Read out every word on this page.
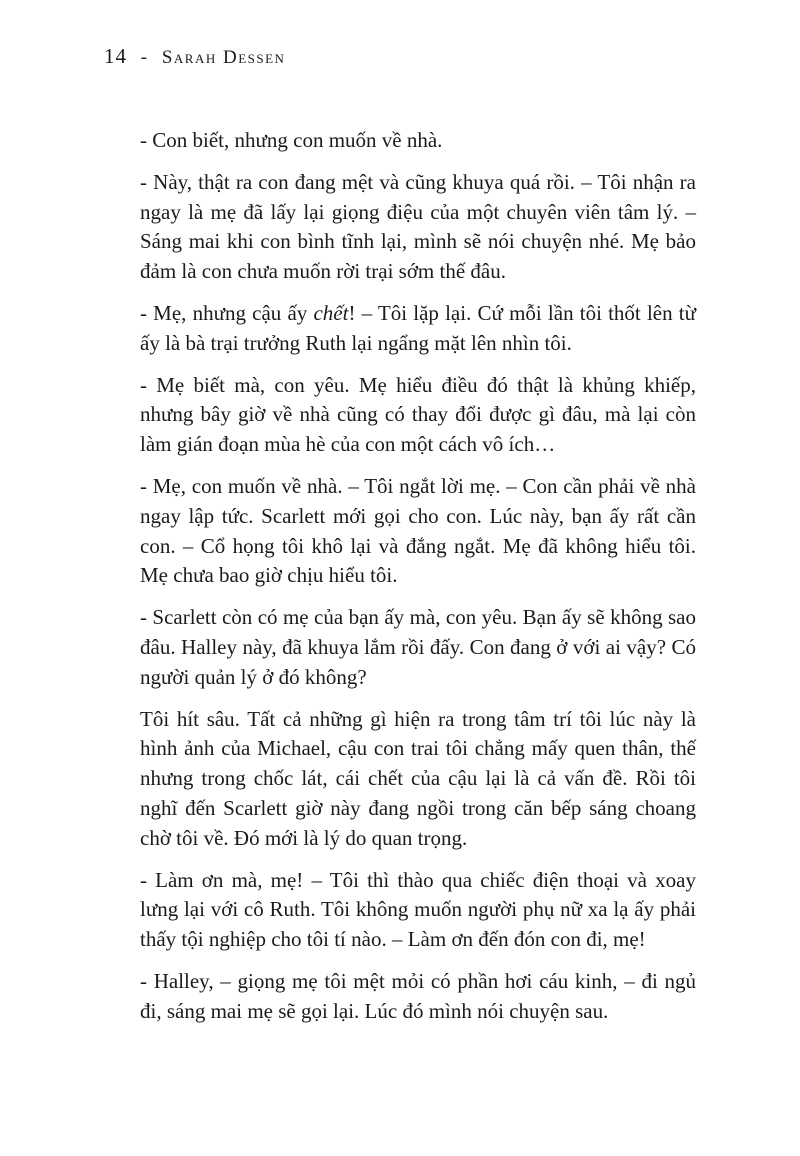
14 - Sarah Dessen

- Con biết, nhưng con muốn về nhà.

- Này, thật ra con đang mệt và cũng khuya quá rồi. – Tôi nhận ra ngay là mẹ đã lấy lại giọng điệu của một chuyên viên tâm lý. – Sáng mai khi con bình tĩnh lại, mình sẽ nói chuyện nhé. Mẹ bảo đảm là con chưa muốn rời trại sớm thế đâu.

- Mẹ, nhưng cậu ấy chết! – Tôi lặp lại. Cứ mỗi lần tôi thốt lên từ ấy là bà trại trưởng Ruth lại ngẩng mặt lên nhìn tôi.

- Mẹ biết mà, con yêu. Mẹ hiểu điều đó thật là khủng khiếp, nhưng bây giờ về nhà cũng có thay đổi được gì đâu, mà lại còn làm gián đoạn mùa hè của con một cách vô ích…

- Mẹ, con muốn về nhà. – Tôi ngắt lời mẹ. – Con cần phải về nhà ngay lập tức. Scarlett mới gọi cho con. Lúc này, bạn ấy rất cần con. – Cổ họng tôi khô lại và đắng ngắt. Mẹ đã không hiểu tôi. Mẹ chưa bao giờ chịu hiểu tôi.

- Scarlett còn có mẹ của bạn ấy mà, con yêu. Bạn ấy sẽ không sao đâu. Halley này, đã khuya lắm rồi đấy. Con đang ở với ai vậy? Có người quản lý ở đó không?

Tôi hít sâu. Tất cả những gì hiện ra trong tâm trí tôi lúc này là hình ảnh của Michael, cậu con trai tôi chẳng mấy quen thân, thế nhưng trong chốc lát, cái chết của cậu lại là cả vấn đề. Rồi tôi nghĩ đến Scarlett giờ này đang ngồi trong căn bếp sáng choang chờ tôi về. Đó mới là lý do quan trọng.

- Làm ơn mà, mẹ! – Tôi thì thào qua chiếc điện thoại và xoay lưng lại với cô Ruth. Tôi không muốn người phụ nữ xa lạ ấy phải thấy tội nghiệp cho tôi tí nào. – Làm ơn đến đón con đi, mẹ!

- Halley, – giọng mẹ tôi mệt mỏi có phần hơi cáu kinh, – đi ngủ đi, sáng mai mẹ sẽ gọi lại. Lúc đó mình nói chuyện sau.
